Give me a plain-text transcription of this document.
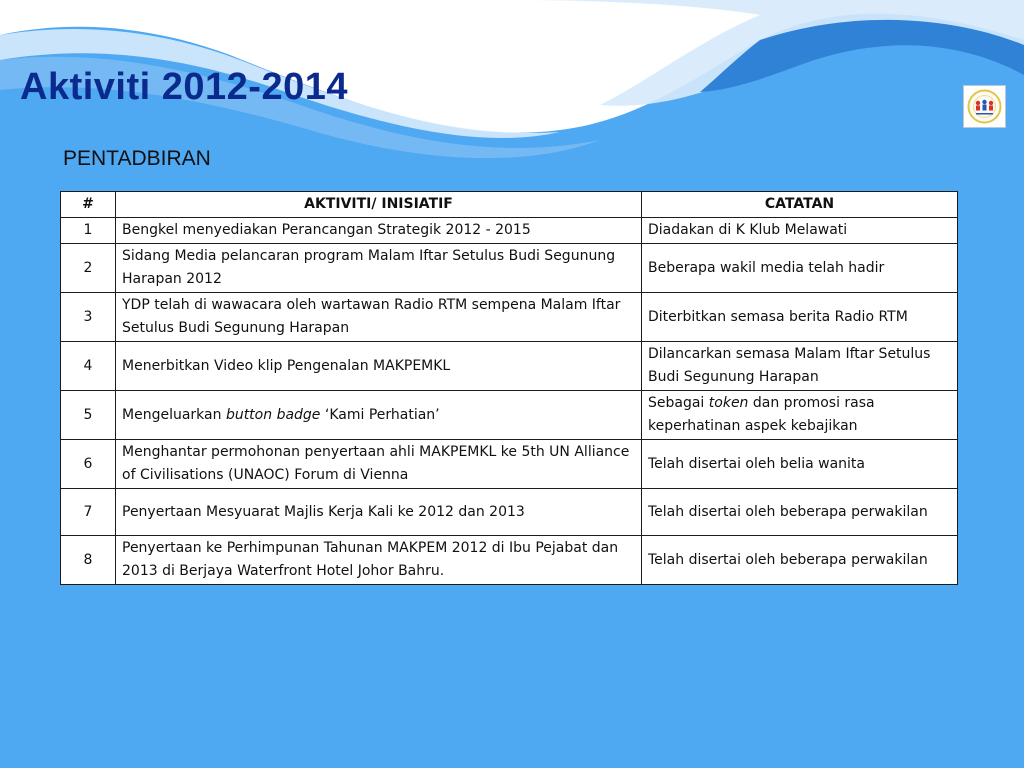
Aktiviti 2012-2014

PENTADBIRAN

#	AKTIVITI/ INISIATIF	CATATAN
1	Bengkel menyediakan Perancangan Strategik 2012 - 2015	Diadakan di K Klub Melawati
2	Sidang Media pelancaran program Malam Iftar Setulus Budi Segunung Harapan 2012	Beberapa wakil media telah hadir
3	YDP telah di wawacara oleh wartawan Radio RTM sempena Malam Iftar Setulus Budi Segunung Harapan	Diterbitkan semasa berita Radio RTM
4	Menerbitkan Video klip Pengenalan MAKPEMKL	Dilancarkan semasa Malam Iftar Setulus Budi Segunung Harapan
5	Mengeluarkan button badge ‘Kami Perhatian’	Sebagai token dan promosi rasa keperhatinan aspek kebajikan
6	Menghantar permohonan penyertaan ahli MAKPEMKL ke 5th UN Alliance of Civilisations (UNAOC) Forum di Vienna	Telah disertai oleh belia wanita
7	Penyertaan Mesyuarat Majlis Kerja Kali ke 2012 dan 2013	Telah disertai oleh beberapa perwakilan
8	Penyertaan ke Perhimpunan Tahunan MAKPEM 2012 di Ibu Pejabat dan 2013 di Berjaya Waterfront Hotel Johor Bahru.	Telah disertai oleh beberapa perwakilan
